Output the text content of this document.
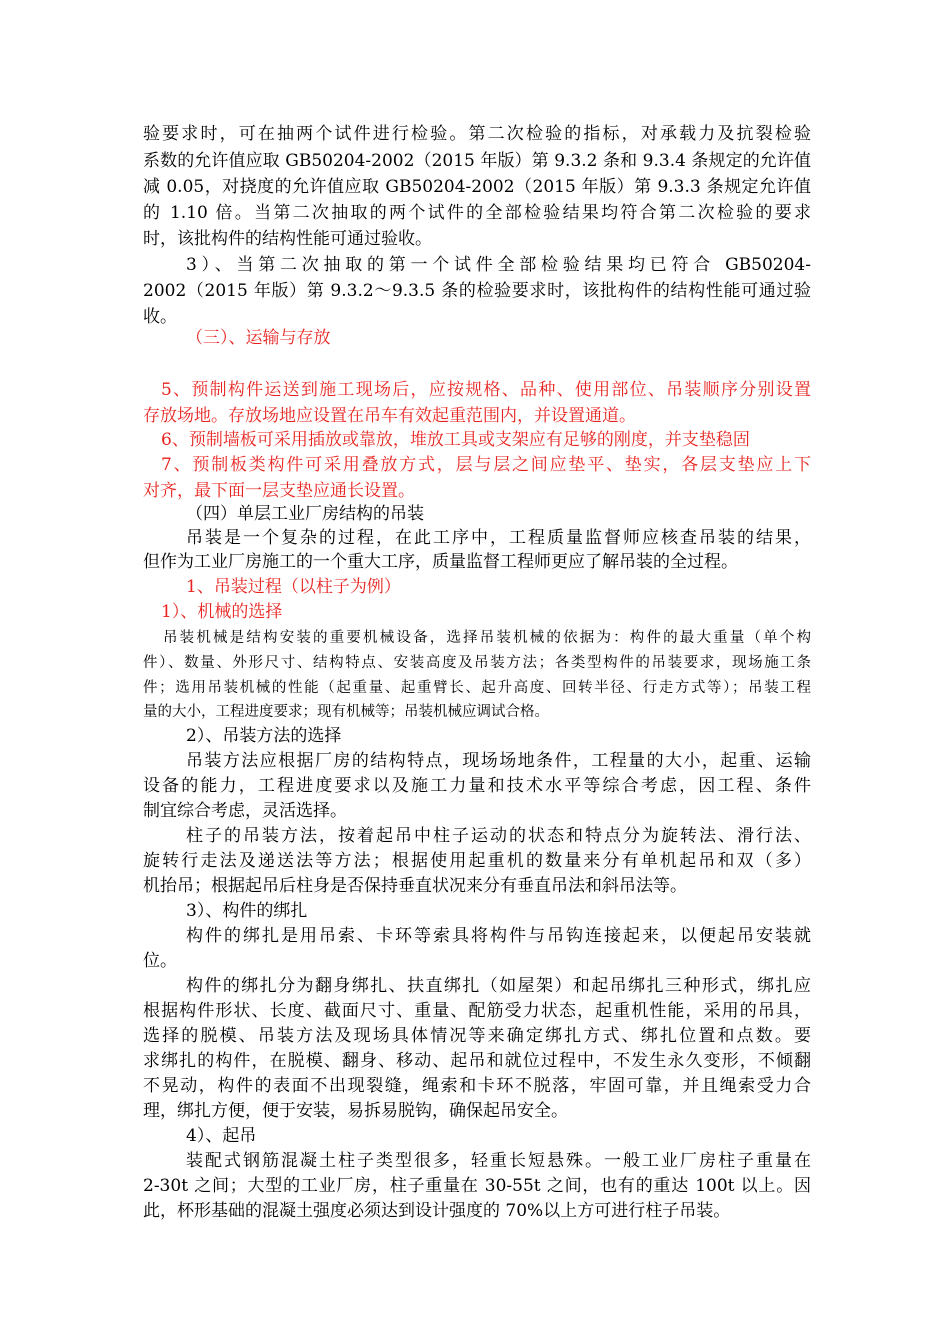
验要求时，可在抽两个试件进行检验。第二次检验的指标，对承载力及抗裂检验
系数的允许值应取 GB50204-2002（2015 年版）第 9.3.2 条和 9.3.4 条规定的允许值
减 0.05，对挠度的允许值应取 GB50204-2002（2015 年版）第 9.3.3 条规定允许值
的 1.10 倍。当第二次抽取的两个试件的全部检验结果均符合第二次检验的要求
时，该批构件的结构性能可通过验收。
3）、当第二次抽取的第一个试件全部检验结果均已符合 GB50204-
2002（2015 年版）第 9.3.2～9.3.5 条的检验要求时，该批构件的结构性能可通过验
收。
（三）、运输与存放
5、预制构件运送到施工现场后，应按规格、品种、使用部位、吊装顺序分别设置
存放场地。存放场地应设置在吊车有效起重范围内，并设置通道。
6、预制墙板可采用插放或靠放，堆放工具或支架应有足够的刚度，并支垫稳固
7、预制板类构件可采用叠放方式，层与层之间应垫平、垫实，各层支垫应上下
对齐，最下面一层支垫应通长设置。
（四）单层工业厂房结构的吊装
吊装是一个复杂的过程，在此工序中，工程质量监督师应核查吊装的结果，
但作为工业厂房施工的一个重大工序，质量监督工程师更应了解吊装的全过程。
1、吊装过程（以柱子为例）
1）、机械的选择
吊装机械是结构安装的重要机械设备，选择吊装机械的依据为：构件的最大重量（单个构
件）、数量、外形尺寸、结构特点、安装高度及吊装方法；各类型构件的吊装要求，现场施工条
件；选用吊装机械的性能（起重量、起重臂长、起升高度、回转半径、行走方式等）；吊装工程
量的大小，工程进度要求；现有机械等；吊装机械应调试合格。
2）、吊装方法的选择
吊装方法应根据厂房的结构特点，现场场地条件，工程量的大小，起重、运输
设备的能力，工程进度要求以及施工力量和技术水平等综合考虑，因工程、条件
制宜综合考虑，灵活选择。
柱子的吊装方法，按着起吊中柱子运动的状态和特点分为旋转法、滑行法、
旋转行走法及递送法等方法；根据使用起重机的数量来分有单机起吊和双（多）
机抬吊；根据起吊后柱身是否保持垂直状况来分有垂直吊法和斜吊法等。
3）、构件的绑扎
构件的绑扎是用吊索、卡环等索具将构件与吊钩连接起来，以便起吊安装就
位。
构件的绑扎分为翻身绑扎、扶直绑扎（如屋架）和起吊绑扎三种形式，绑扎应
根据构件形状、长度、截面尺寸、重量、配筋受力状态，起重机性能，采用的吊具，
选择的脱模、吊装方法及现场具体情况等来确定绑扎方式、绑扎位置和点数。要
求绑扎的构件，在脱模、翻身、移动、起吊和就位过程中，不发生永久变形，不倾翻
不晃动，构件的表面不出现裂缝，绳索和卡环不脱落，牢固可靠，并且绳索受力合
理，绑扎方便，便于安装，易拆易脱钩，确保起吊安全。
4）、起吊
装配式钢筋混凝土柱子类型很多，轻重长短悬殊。一般工业厂房柱子重量在
2-30t 之间；大型的工业厂房，柱子重量在 30-55t 之间，也有的重达 100t 以上。因
此，杯形基础的混凝土强度必须达到设计强度的 70%以上方可进行柱子吊装。
